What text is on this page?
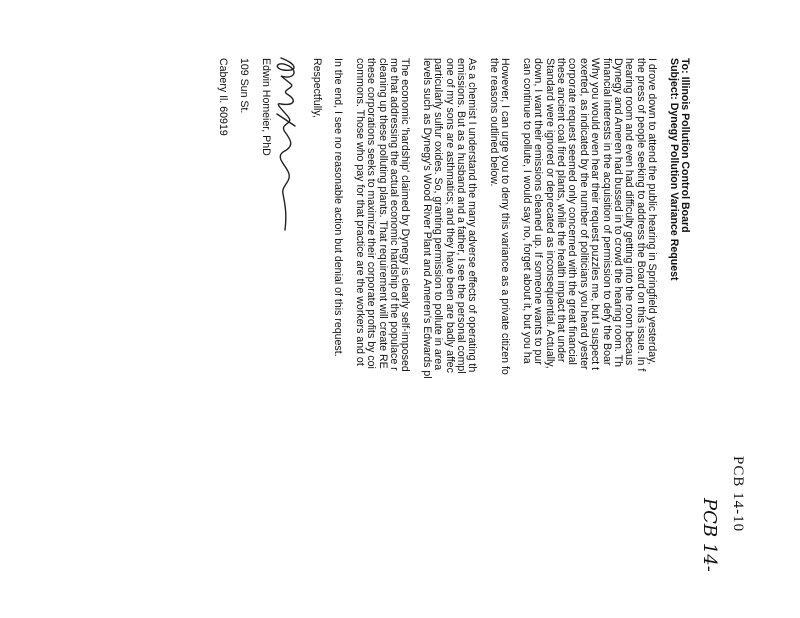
PCB 14-10
PCB 14-

To: Illinois Pollution Control Board

Subject: Dynegy Pollution Variance Request

I drove down to attend the public hearing in Springfield yesterday,
the press of people seeking to address the Board on this issue. In f
hearing room and even had difficulty getting into the room becaus
Dynegy and Ameren had bussed in to crowd the hearing room. Th
financial interests in the acquisition of permission to defy the Boar
Why you would even hear their request puzzles me, but I suspect t
exerted, as indicated by the number of politicians you heard yester
corporate request seemed only concerned with the great financial
these ancient coal fired plants, while the health impact that under
Standard were ignored or deprecated as inconsequential. Actually,
down, I want their emissions cleaned up. If someone wants to pur
can continue to pollute, I would say no, forget about it, but you ha

However, I can urge you to deny this variance as a private citizen fo
the reasons outlined below.

As a chemist I understand the many adverse effects of operating th
emissions. But as a husband and a father, I see the personal compl
one of my sons are asthmatics; and they have been are badly affec
particularly sulfur oxides. So, granting permission to pollute in area
levels such as Dynegy's Wood River Plant and Ameren's Edwards pl

The economic 'hardship' claimed by Dynegy is clearly self-imposed
me that addressing the actual economic hardship of the populace r
cleaning up these polluting plants. That requirement will create RE
these corporations seeks to maximize their corporate profits by coi
commons. Those who pay for that practice are the workers and ot

In the end, I see no reasonable action but denial of this request.

Respectfully,

Edwin Homeier, PhD

109 Sun St.

Cabery Il. 60919
